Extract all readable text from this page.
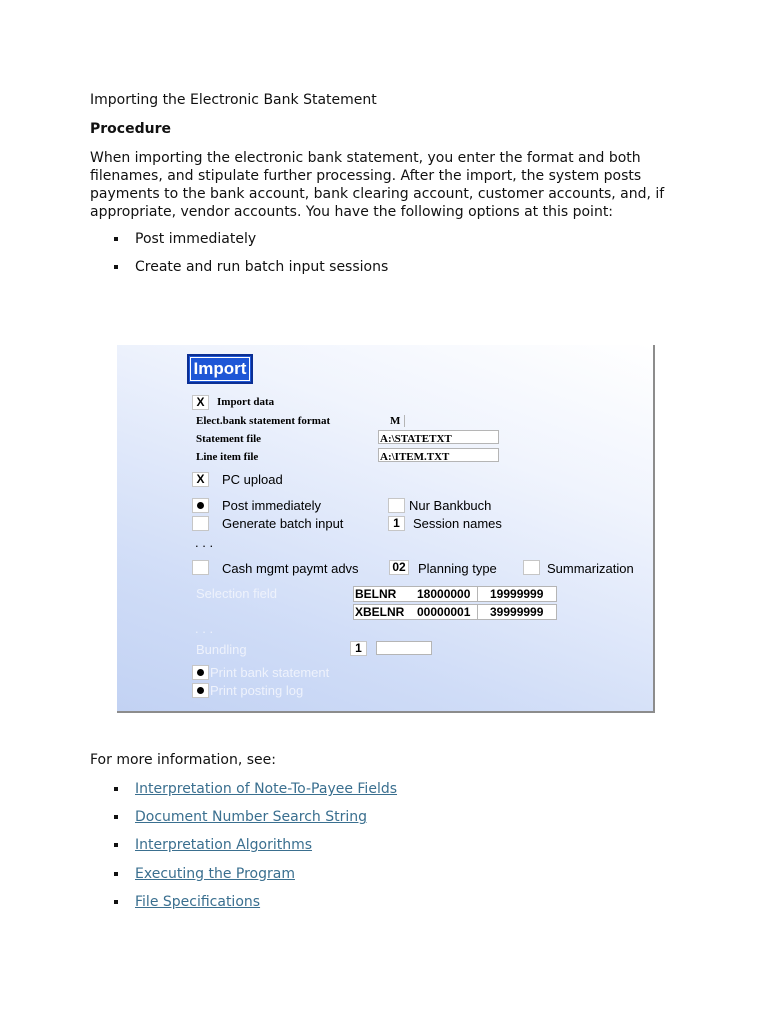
Importing the Electronic Bank Statement
Procedure
When importing the electronic bank statement, you enter the format and both filenames, and stipulate further processing. After the import, the system posts payments to the bank account, bank clearing account, customer accounts, and, if appropriate, vendor accounts. You have the following options at this point:
Post immediately
Create and run batch input sessions
Import
X	Import data
Elect.bank statement format	M
Statement file	A:\STATETXT
Line item file	A:\ITEM.TXT
X	PC upload
Post immediately	Nur Bankbuch
Generate batch input	1	Session names
. . .
Cash mgmt paymt advs	02 Planning type	Summarization
Selection field	BELNR 18000000 19999999
XBELNR 00000001 39999999
. . .
Bundling	1
Print bank statement
Print posting log
For more information, see:
Interpretation of Note-To-Payee Fields
Document Number Search String
Interpretation Algorithms
Executing the Program
File Specifications
